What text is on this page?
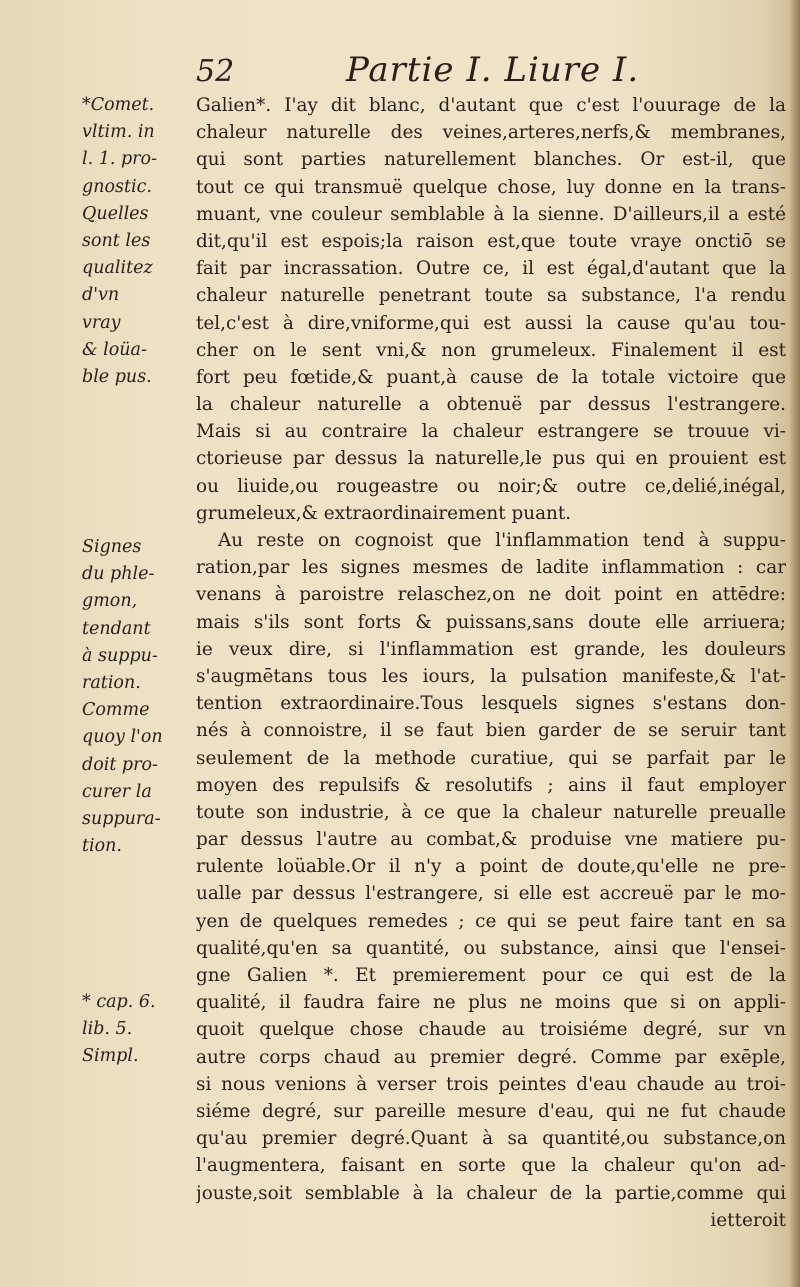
52	Partie I. Liure I.
*Comet.
vltim. in
l. 1. pro-
gnostic.
Quelles
sont les
qualitez
d'vn
vray
& loüa-
ble pus.
Signes
du phle-
gmon,
tendant
à suppu-
ration.
Comme
quoy l'on
doit pro-
curer la
suppura-
tion.
* cap. 6.
lib. 5.
Simpl.
Galien*. I'ay dit blanc, d'autant que c'est l'ouurage de la
chaleur naturelle des veines,arteres,nerfs,& membranes,
qui sont parties naturellement blanches. Or est-il, que
tout ce qui transmuë quelque chose, luy donne en la trans-
muant, vne couleur semblable à la sienne. D'ailleurs,il a esté
dit,qu'il est espois;la raison est,que toute vraye onctiō se
fait par incrassation. Outre ce, il est égal,d'autant que la
chaleur naturelle penetrant toute sa substance, l'a rendu
tel,c'est à dire,vniforme,qui est aussi la cause qu'au tou-
cher on le sent vni,& non grumeleux. Finalement il est
fort peu fœtide,& puant,à cause de la totale victoire que
la chaleur naturelle a obtenuë par dessus l'estrangere.
Mais si au contraire la chaleur estrangere se trouue vi-
ctorieuse par dessus la naturelle,le pus qui en prouient est
ou liuide,ou rougeastre ou noir;& outre ce,delié,inégal,
grumeleux,& extraordinairement puant.
Au reste on cognoist que l'inflammation tend à suppu-
ration,par les signes mesmes de ladite inflammation : car
venans à paroistre relaschez,on ne doit point en attēdre:
mais s'ils sont forts & puissans,sans doute elle arriuera;
ie veux dire, si l'inflammation est grande, les douleurs
s'augmētans tous les iours, la pulsation manifeste,& l'at-
tention extraordinaire.Tous lesquels signes s'estans don-
nés à connoistre, il se faut bien garder de se seruir tant
seulement de la methode curatiue, qui se parfait par le
moyen des repulsifs & resolutifs ; ains il faut employer
toute son industrie, à ce que la chaleur naturelle preualle
par dessus l'autre au combat,& produise vne matiere pu-
rulente loüable.Or il n'y a point de doute,qu'elle ne pre-
ualle par dessus l'estrangere, si elle est accreuë par le mo-
yen de quelques remedes ; ce qui se peut faire tant en sa
qualité,qu'en sa quantité, ou substance, ainsi que l'ensei-
gne Galien *. Et premierement pour ce qui est de la
qualité, il faudra faire ne plus ne moins que si on appli-
quoit quelque chose chaude au troisiéme degré, sur vn
autre corps chaud au premier degré. Comme par exēple,
si nous venions à verser trois peintes d'eau chaude au troi-
siéme degré, sur pareille mesure d'eau, qui ne fut chaude
qu'au premier degré.Quant à sa quantité,ou substance,on
l'augmentera, faisant en sorte que la chaleur qu'on ad-
jouste,soit semblable à la chaleur de la partie,comme qui
ietteroit
